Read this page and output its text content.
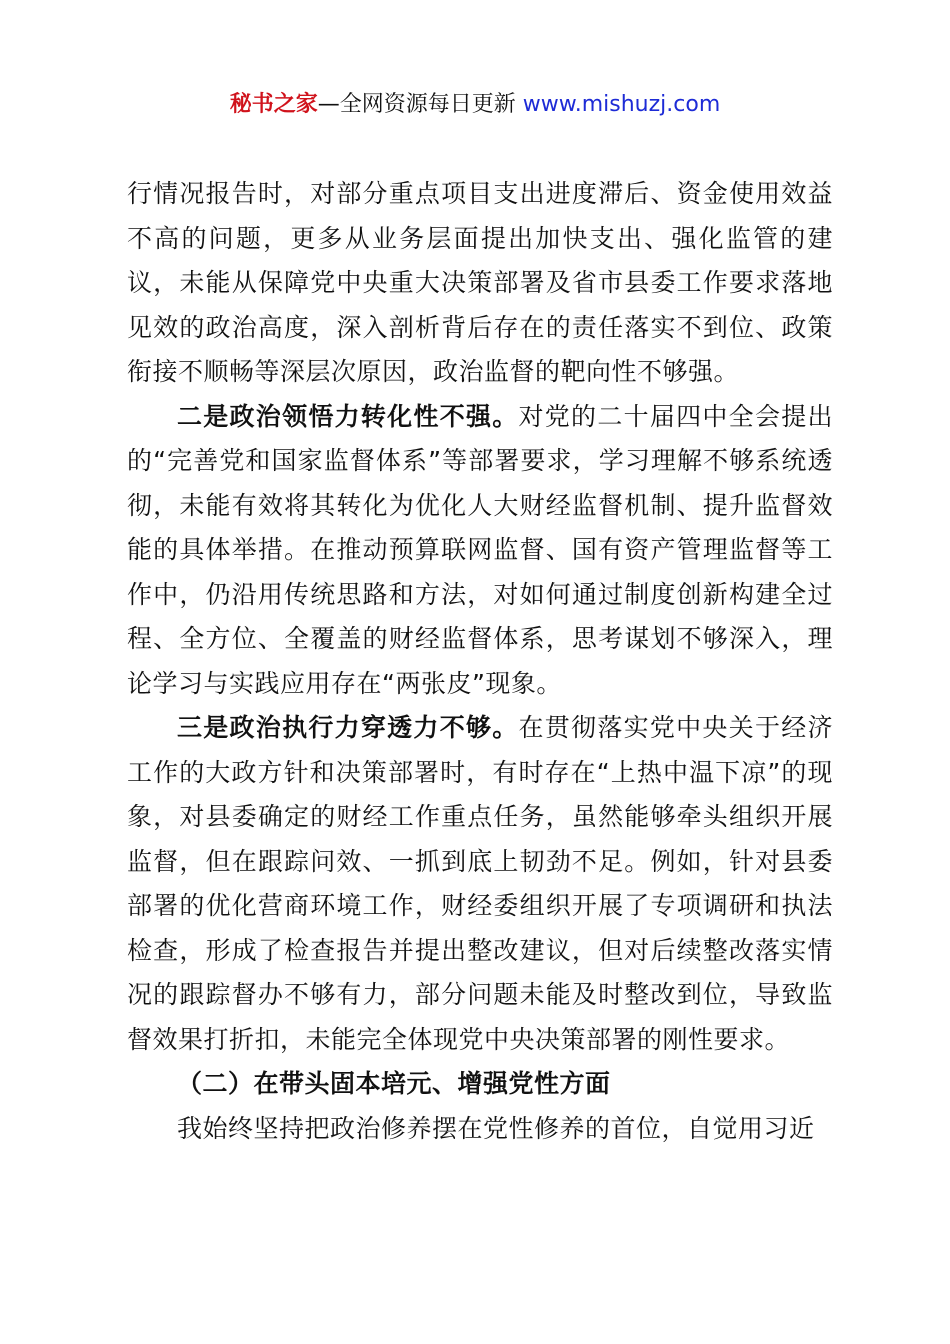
秘书之家—全网资源每日更新 www.mishuzj.com

行情况报告时，对部分重点项目支出进度滞后、资金使用效益不高的问题，更多从业务层面提出加快支出、强化监管的建议，未能从保障党中央重大决策部署及省市县委工作要求落地见效的政治高度，深入剖析背后存在的责任落实不到位、政策衔接不顺畅等深层次原因，政治监督的靶向性不够强。

二是政治领悟力转化性不强。对党的二十届四中全会提出的“完善党和国家监督体系”等部署要求，学习理解不够系统透彻，未能有效将其转化为优化人大财经监督机制、提升监督效能的具体举措。在推动预算联网监督、国有资产管理监督等工作中，仍沿用传统思路和方法，对如何通过制度创新构建全过程、全方位、全覆盖的财经监督体系，思考谋划不够深入，理论学习与实践应用存在“两张皮”现象。

三是政治执行力穿透力不够。在贯彻落实党中央关于经济工作的大政方针和决策部署时，有时存在“上热中温下凉”的现象，对县委确定的财经工作重点任务，虽然能够牵头组织开展监督，但在跟踪问效、一抓到底上韧劲不足。例如，针对县委部署的优化营商环境工作，财经委组织开展了专项调研和执法检查，形成了检查报告并提出整改建议，但对后续整改落实情况的跟踪督办不够有力，部分问题未能及时整改到位，导致监督效果打折扣，未能完全体现党中央决策部署的刚性要求。

（二）在带头固本培元、增强党性方面

我始终坚持把政治修养摆在党性修养的首位，自觉用习近
